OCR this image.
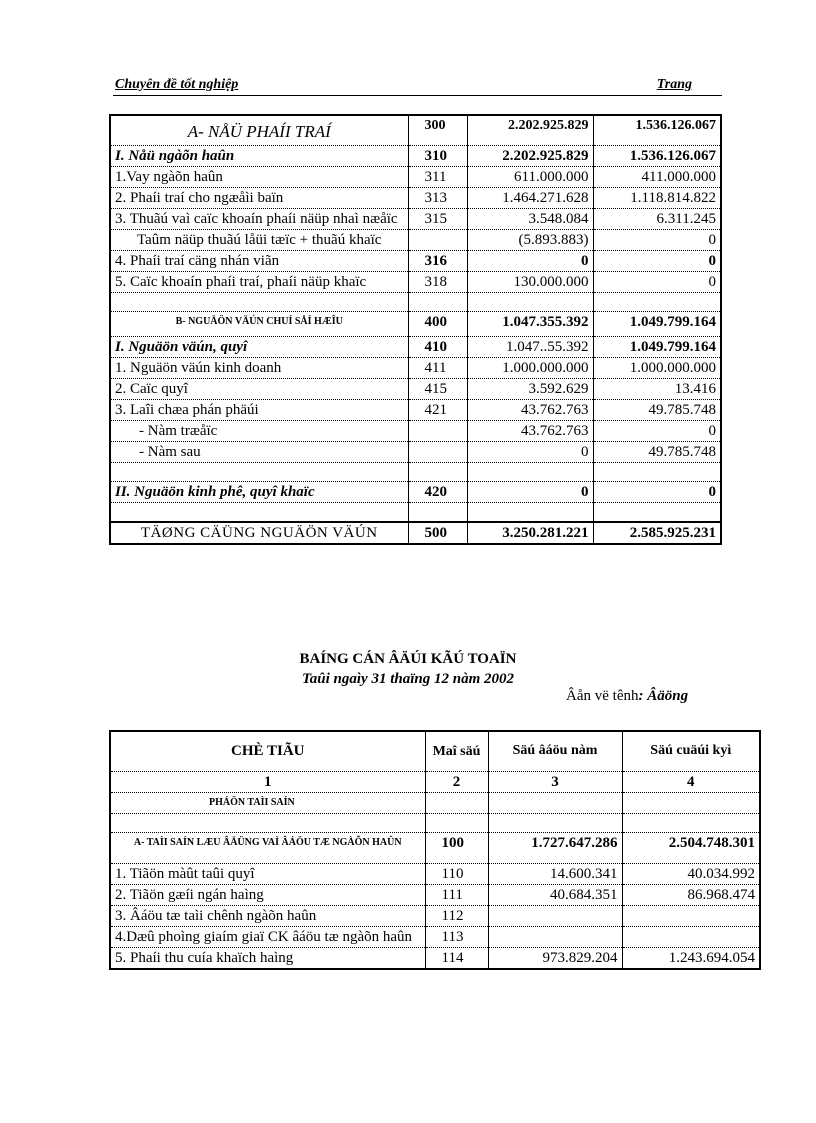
Chuyên đề tốt nghiệp	Trang
A- NÅÜ PHAÍI TRAÍ	300	2.202.925.829	1.536.126.067
I. Nåü ngàõn haûn	310	2.202.925.829	1.536.126.067
1.Vay ngàõn haûn	311	611.000.000	411.000.000
2. Phaíi traí cho ngæåìi baïn	313	1.464.271.628	1.118.814.822
3. Thuãú vaì caïc khoaín phaíi näüp nhaì næåïc	315	3.548.084	6.311.245
Taûm näüp thuãú låüi tæïc + thuãú khaïc		(5.893.883)	0
4. Phaíi traí cäng nhán viãn	316	0	0
5. Caïc khoaín phaíi traí, phaíi näüp khaïc	318	130.000.000	0

B- NGUÄÖN VÄÚN CHUÍ SÅÍ HÆÎU	400	1.047.355.392	1.049.799.164
I. Nguäön väún, quyî	410	1.047..55.392	1.049.799.164
1. Nguäön väún kinh doanh	411	1.000.000.000	1.000.000.000
2. Caïc quyî	415	3.592.629	13.416
3. Laîi chæa phán phäúi	421	43.762.763	49.785.748
- Nàm træåïc		43.762.763	0
- Nàm sau		0	49.785.748

II. Nguäön kinh phê, quyî khaïc	420	0	0

TÄØNG CÄÜNG NGUÄÖN VÄÚN	500	3.250.281.221	2.585.925.231
BAÍNG CÁN ÂÄÚI KÃÚ TOAÏN
Taûi ngaìy 31 thaïng 12 nàm 2002
Âån vë tênh: Âäöng
CHÈ TIÃU	Maî säú	Säú âáöu nàm	Säú cuäúi kyì
1	2	3	4
PHÁÖN TAÌI SAÍN			

A- TAÌI SAÍN LÆU ÂÄÜNG VAÌ ÂÁÖU TÆ NGÀÕN HAÛN	100	1.727.647.286	2.504.748.301
1. Tiãön màût taûi quyî	110	14.600.341	40.034.992
2. Tiãön gæíi ngán haìng	111	40.684.351	86.968.474
3. Âáöu tæ taìi chênh ngàõn haûn	112		
4.Dæû phoìng giaím giaï CK âáöu tæ ngàõn haûn	113		
5. Phaíi thu cuía khaïch haìng	114	973.829.204	1.243.694.054
